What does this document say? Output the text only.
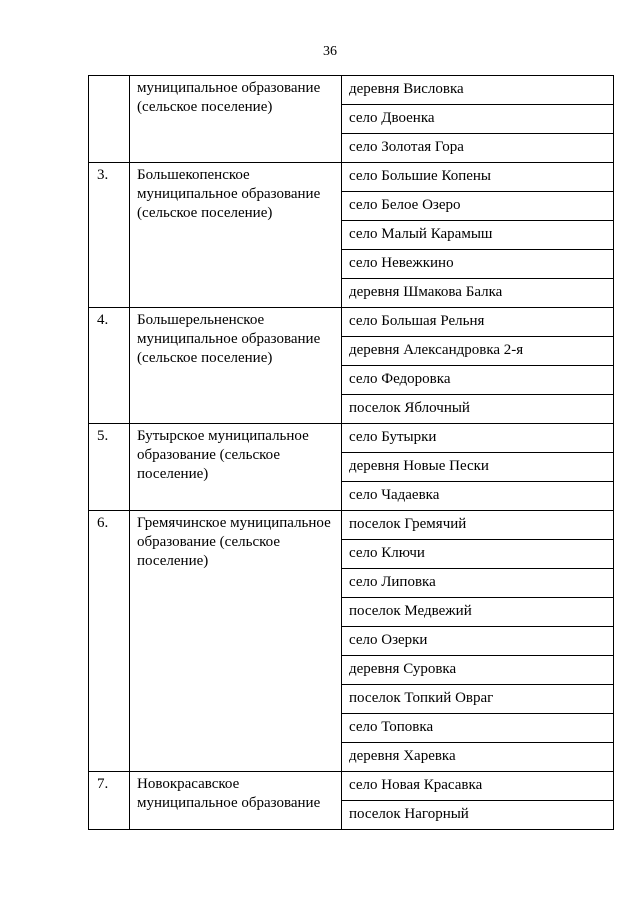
36
	муниципальное образование (сельское поселение)	деревня Висловка
		село Двоенка
		село Золотая Гора
3.	Большекопенское муниципальное образование (сельское поселение)	село Большие Копены
		село Белое Озеро
		село Малый Карамыш
		село Невежкино
		деревня Шмакова Балка
4.	Большерельненское муниципальное образование (сельское поселение)	село Большая Рельня
		деревня Александровка 2-я
		село Федоровка
		поселок Яблочный
5.	Бутырское муниципальное образование (сельское поселение)	село Бутырки
		деревня Новые Пески
		село Чадаевка
6.	Гремячинское муниципальное образование (сельское поселение)	поселок Гремячий
		село Ключи
		село Липовка
		поселок Медвежий
		село Озерки
		деревня Суровка
		поселок Топкий Овраг
		село Топовка
		деревня Харевка
7.	Новокрасавское муниципальное образование	село Новая Красавка
		поселок Нагорный
